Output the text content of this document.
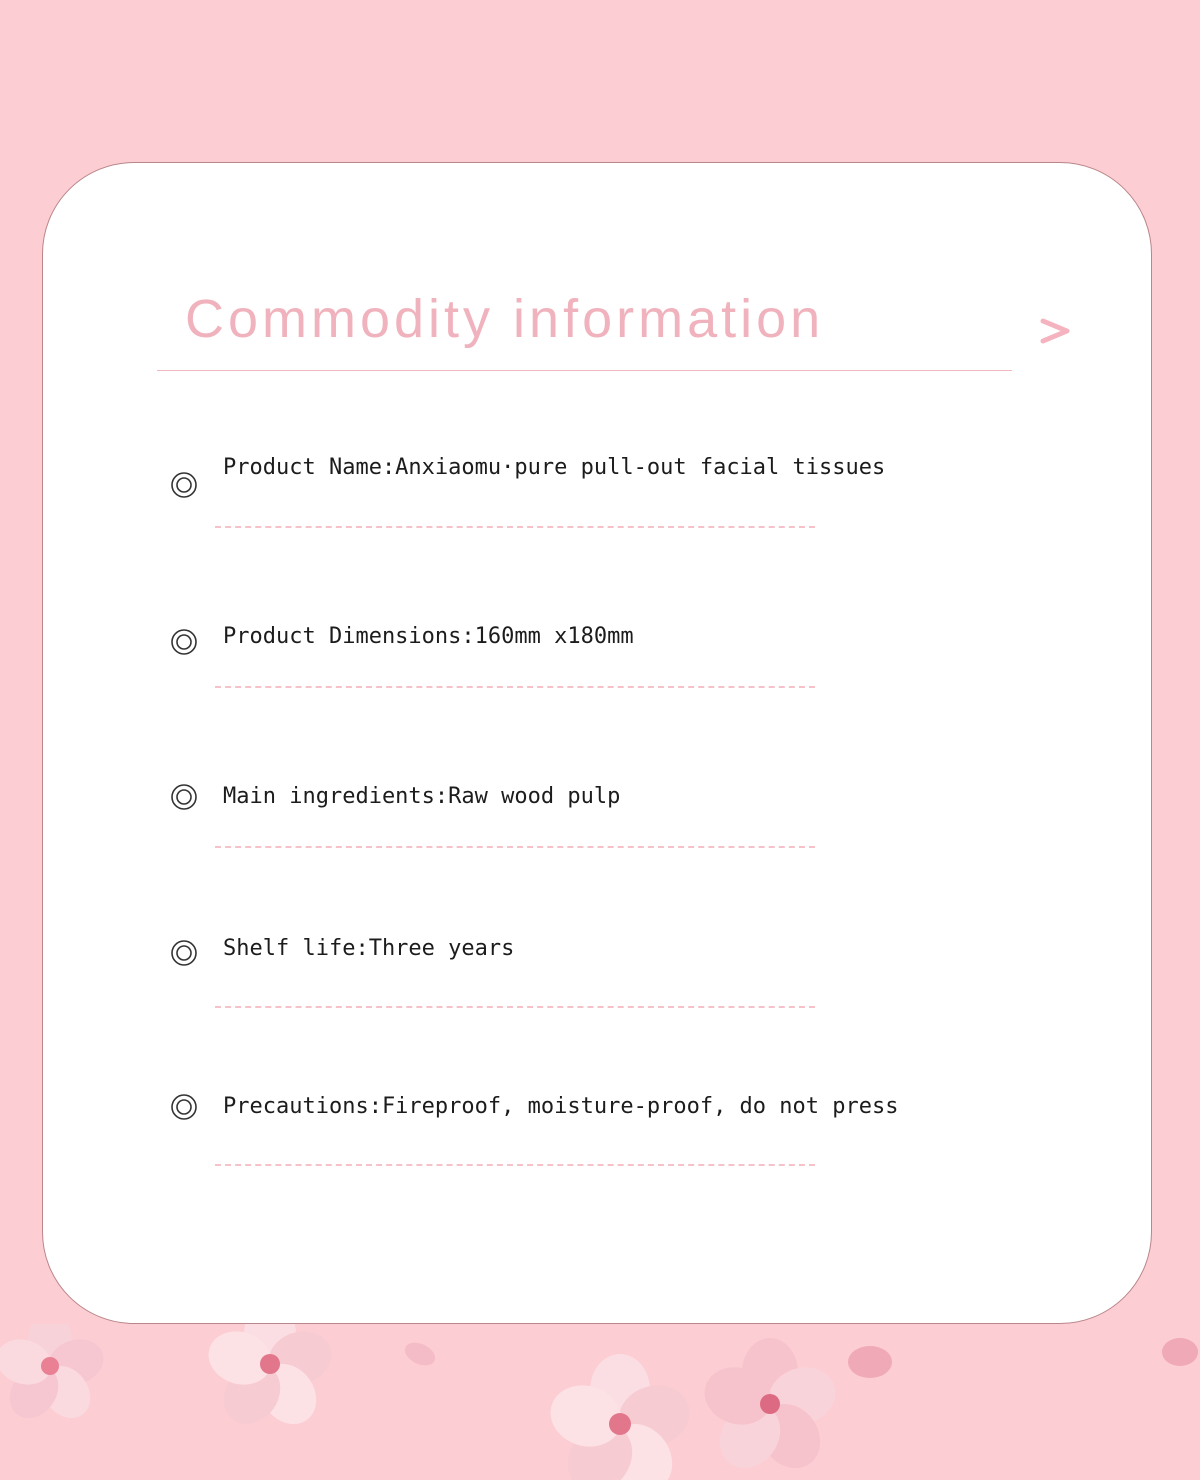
Commodity information
Product Name:Anxiaomu·pure pull-out facial tissues
Product Dimensions:160mm x180mm
Main ingredients:Raw wood pulp
Shelf life:Three years
Precautions:Fireproof, moisture-proof, do not press
